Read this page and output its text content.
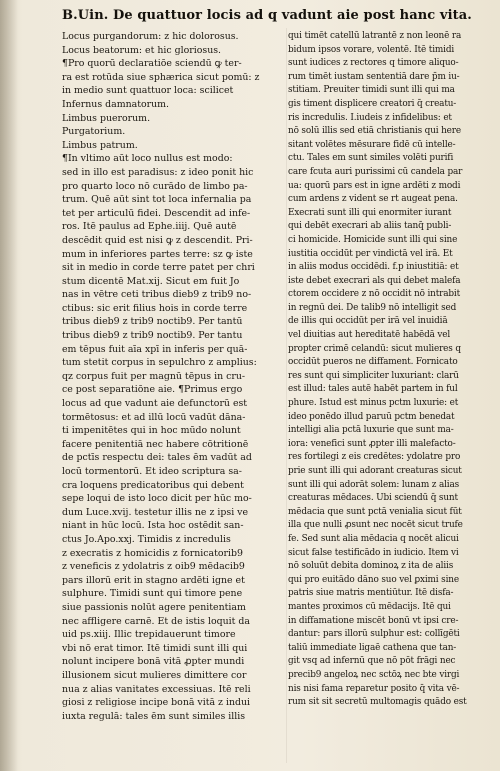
B.Uin. De quattuor locis ad q vadunt aie post hanc vita.
Locus purgandorum: z hic dolorosus.
Locus beatorum: et hic gloriosus.
¶Pro quorū declaratiōe sciendū ꝙ ter-
ra est rotūda siue sphærica sicut pomū: z
in medio sunt quattuor loca: scilicet
Infernus damnatorum.
Limbus puerorum.
Purgatorium.
Limbus patrum.
¶In vltimo aūt loco nullus est modo:
sed in illo est paradisus: z ideo ponit hic
pro quarto loco nō curādo de limbo pa-
trum. Quē aūt sint tot loca infernalia pa
tet per articulū fidei. Descendit ad infe-
ros. Itē paulus ad Ephe.iiij. Quē autē
descēdit quid est nisi ꝙ z descendit. Pri-
mum in inferiores partes terre: sz ꝙ iste
sit in medio in corde terre patet per chri
stum dicentē Mat.xij. Sicut em fuit Jo
nas in vētre ceti tribus dieb9 z trib9 no-
ctibus: sic erit filius hois in corde terre
tribus dieb9 z trib9 noctib9. Per tantū
tribus dieb9 z trib9 noctib9. Per tantu
em tēpus fuit aīa xpī in inferis per quā-
tum stetit corpus in sepulchro z amplius:
qz corpus fuit per magnū tēpus in cru-
ce post separatiōne aie. ¶Primus ergo
locus ad que vadunt aie defunctorū est
tormētosus: et ad illū locū vadūt dāna-
ti impenitētes qui in hoc mūdo nolunt
facere penitentiā nec habere cōtritionē
de pctīs respectu dei: tales ēm vadūt ad
locū tormentorū. Et ideo scriptura sa-
cra loquens predicatoribus qui debent
sepe loqui de isto loco dicit per hūc mo-
dum Luce.xvij. testetur illis ne z ipsi ve
niant in hūc locū. Ista hoc ostēdit san-
ctus Jo.Apo.xxj. Timidis z incredulis
z execratis z homicidis z fornicatorib9
z veneficis z ydolatris z oib9 mēdacib9
pars illorū erit in stagno ardēti igne et
sulphure. Timidi sunt qui timore pene
siue passionis nolūt agere penitentiam
nec affligere carnē. Et de istis loquit da
uid ps.xiij. Illic trepidauerunt timore
vbi nō erat timor. Itē timidi sunt illi qui
nolunt incipere bonā vitā ꝓpter mundi
illusionem sicut mulieres dimittere cor
nua z alias vanitates excessiuas. Itē reli
giosi z religiose incipe bonā vitā z indui
iuxta regulā: tales ēm sunt similes illis
qui timēt catellū latrantē z non leonē ra
bidum ipsos vorare, volentē. Itē timidi
sunt iudices z rectores q timore aliquo-
rum timēt iustam sententiā dare p̄m iu-
stitiam. Preuiter timidi sunt illi qui ma
gis timent displicere creatori q̄ creatu-
ris incredulis. I.iudeis z infidelibus: et
nō solū illis sed etiā christianis qui here
sitant volētes mēsurare fidē cū intelle-
ctu. Tales em sunt similes volēti purifi
care fcuta auri purissimi cū candela par
ua: quorū pars est in igne ardēti z modi
cum ardens z vident se rt augeat pena.
Execrati sunt illi qui enormiter iurant
qui debēt execrari ab aliis tanq̄ publi-
ci homicide. Homicide sunt illi qui sine
iustitia occidūt per vindictā vel irā. Et
in aliis modus occidēdi. f.p iniustitiā: et
iste debet execrari als qui debet malefa
ctorem occidere z nō occidit nō intrabit
in regnū dei. De talib9 nō intelligit sed
de illis qui occidūt per irā vel inuidiā
vel diuitias aut hereditatē habēdā vel
propter crimē celandū: sicut mulieres q
occidūt pueros ne diffament. Fornicato
res sunt qui simpliciter luxuriant: clarū
est illud: tales autē habēt partem in ful
phure. Istud est minus pctm luxurie: et
ideo ponēdo illud paruū pctm benedat
intelligi alia pctā luxurie que sunt ma-
iora: venefici sunt ꝓpter illi malefacto-
res fortilegi z eis credētes: ydolatre pro
prie sunt illi qui adorant creaturas sicut
sunt illi qui adorāt solem: lunam z alias
creaturas mēdaces. Ubi sciendū q̄ sunt
mēdacia que sunt pctā venialia sicut fūt
illa que nulli ꝓsunt nec nocēt sicut trufe
fe. Sed sunt alia mēdacia q nocēt alicui
sicut false testificādo in iudicio. Item vi
nō soluūt debita dominoꝝ z ita de aliis
qui pro euitādo dāno suo vel ꝑximi sine
patris siue matris mentiūtur. Itē disfa-
mantes proximos cū mēdacijs. Itē qui
in diffamatione miscēt bonū vt ipsi cre-
dantur: pars illorū sulphur est: collīgēti
taliū immediate ligaē cathena que tan-
git vsq ad infernū que nō pōt frāgi nec
precib9 angeloꝝ nec sctōꝝ nec bte virgi
nis nisi fama reparetur posito q̄ vita vē-
rum sit sit secretū multomagis quādo est
